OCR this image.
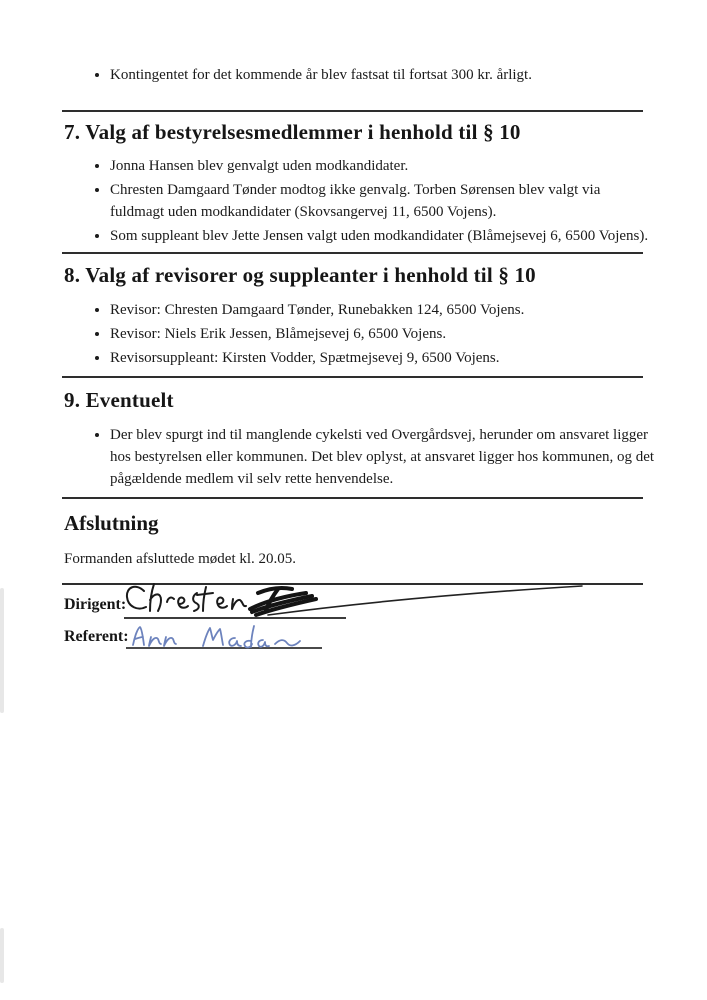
• Kontingentet for det kommende år blev fastsat til fortsat 300 kr. årligt.
7. Valg af bestyrelsesmedlemmer i henhold til § 10
• Jonna Hansen blev genvalgt uden modkandidater.
• Chresten Damgaard Tønder modtog ikke genvalg. Torben Sørensen blev valgt via fuldmagt uden modkandidater (Skovsangervej 11, 6500 Vojens).
• Som suppleant blev Jette Jensen valgt uden modkandidater (Blåmejsevej 6, 6500 Vojens).
8. Valg af revisorer og suppleanter i henhold til § 10
• Revisor: Chresten Damgaard Tønder, Runebakken 124, 6500 Vojens.
• Revisor: Niels Erik Jessen, Blåmejsevej 6, 6500 Vojens.
• Revisorsuppleant: Kirsten Vodder, Spætmejsevej 9, 6500 Vojens.
9. Eventuelt
• Der blev spurgt ind til manglende cykelsti ved Overgårdsvej, herunder om ansvaret ligger hos bestyrelsen eller kommunen. Det blev oplyst, at ansvaret ligger hos kommunen, og det pågældende medlem vil selv rette henvendelse.
Afslutning
Formanden afsluttede mødet kl. 20.05.
Dirigent:
Referent:
